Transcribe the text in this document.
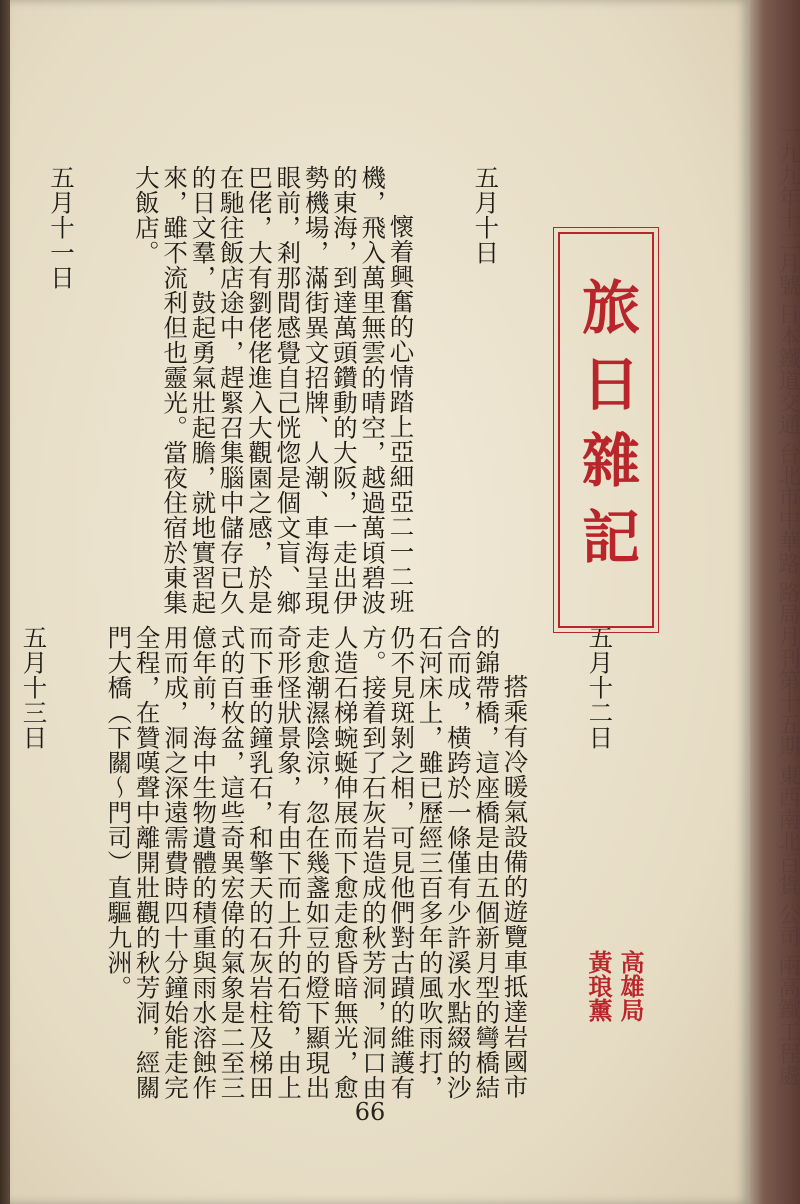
五月十日

懷着興奮的心情踏上亞細亞二一二班機，飛入萬里無雲的晴空，越過萬頃碧波的東海，到達萬頭鑽動的大阪，一走出伊勢機場，滿街異文招牌、人潮、車海呈現眼前，剎那間感覺自己恍惚是個文盲、鄉巴佬，大有劉佬佬進入大觀園之感，於是在馳往飯店途中，趕緊召集腦中儲存已久的日文羣，鼓起勇氣壯起膽，就地實習起來，雖不流利但也靈光。當夜住宿於東集大飯店。

五月十一日

五月十二日

搭乘有冷暖氣設備的遊覽車抵達岩國市的錦帶橋，這座橋是由五個新月型的彎橋結合而成，横跨於一條僅有少許溪水點綴的沙石河床上，雖已歷經三百多年的風吹雨打，仍不見斑剝之相，可見他們對古蹟的維護有方。接着到了石灰岩造成的秋芳洞，洞口由人造石梯蜿蜒伸展而下愈走愈昏暗無光，愈走愈潮濕陰涼，忽在幾盞如豆的燈下顯現出奇形怪狀景象，有由下而上升的石筍，由上而下垂的鐘乳石，和擎天的石灰岩柱及梯田式的百枚盆，這些奇異宏偉的氣象是二至三億年前，海中生物遺體的積重與雨水溶蝕作用而成，洞之深遠需費時四十分鐘始能走完全程，在贊嘆聲中離開壯觀的秋芳洞，經關門大橋（下關～門司）直驅九洲。

五月十三日

旅日雜記
高雄局
黃琅薰
66
